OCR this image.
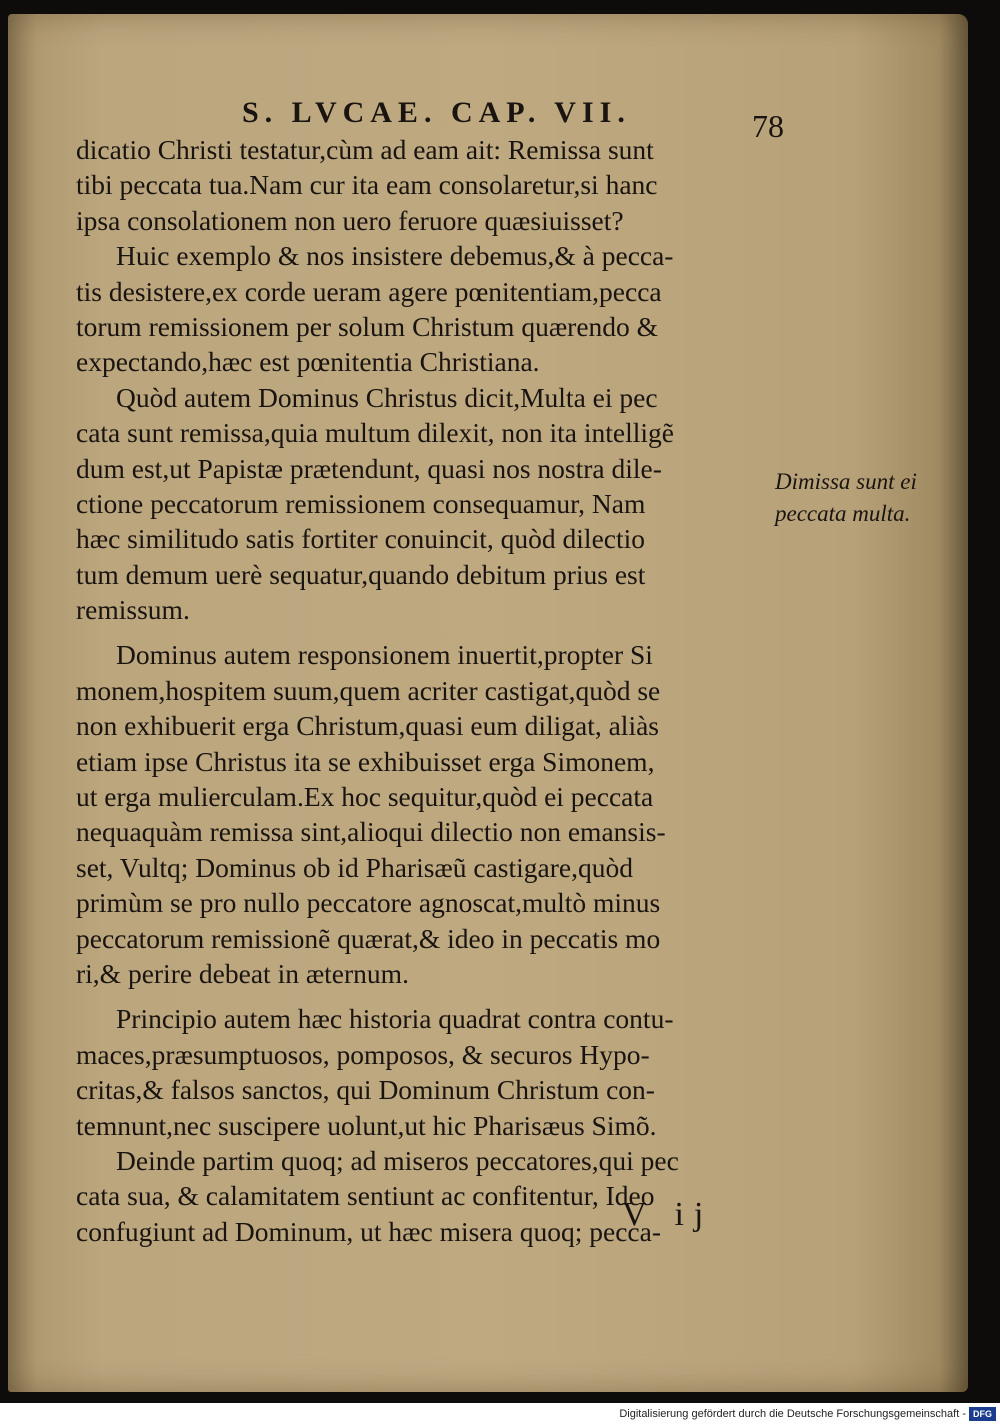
S. LVCAE. CAP. VII.	78
dicatio Christi testatur,cùm ad eam ait: Remissa sunt
tibi peccata tua.Nam cur ita eam consolaretur,si hanc
ipsa consolationem non uero feruore quæsiuisset?
Huic exemplo & nos insistere debemus,& à pecca-
tis desistere,ex corde ueram agere pœnitentiam,pecca
torum remissionem per solum Christum quærendo &
expectando,hæc est pœnitentia Christiana.
Quòd autem Dominus Christus dicit,Multa ei pec
cata sunt remissa,quia multum dilexit, non ita intelligẽ
dum est,ut Papistæ prætendunt, quasi nos nostra dile-
ctione peccatorum remissionem consequamur, Nam
hæc similitudo satis fortiter conuincit, quòd dilectio
tum demum uerè sequatur,quando debitum prius est
remissum.
Dominus autem responsionem inuertit,propter Si
monem,hospitem suum,quem acriter castigat,quòd se
non exhibuerit erga Christum,quasi eum diligat, aliàs
etiam ipse Christus ita se exhibuisset erga Simonem,
ut erga mulierculam.Ex hoc sequitur,quòd ei peccata
nequaquàm remissa sint,alioqui dilectio non emansis-
set, Vultq; Dominus ob id Pharisæũ castigare,quòd
primùm se pro nullo peccatore agnoscat,multò minus
peccatorum remissionẽ quærat,& ideo in peccatis mo
ri,& perire debeat in æternum.
Principio autem hæc historia quadrat contra contu-
maces,præsumptuosos, pomposos, & securos Hypo-
critas,& falsos sanctos, qui Dominum Christum con-
temnunt,nec suscipere uolunt,ut hic Pharisæus Simõ.
Deinde partim quoq; ad miseros peccatores,qui pec
cata sua, & calamitatem sentiunt ac confitentur, Ideo
confugiunt ad Dominum, ut hæc misera quoq; pecca-
Dimissa sunt ei
peccata multa.
V ij
Digitalisierung gefördert durch die Deutsche Forschungsgemeinschaft - DFG
